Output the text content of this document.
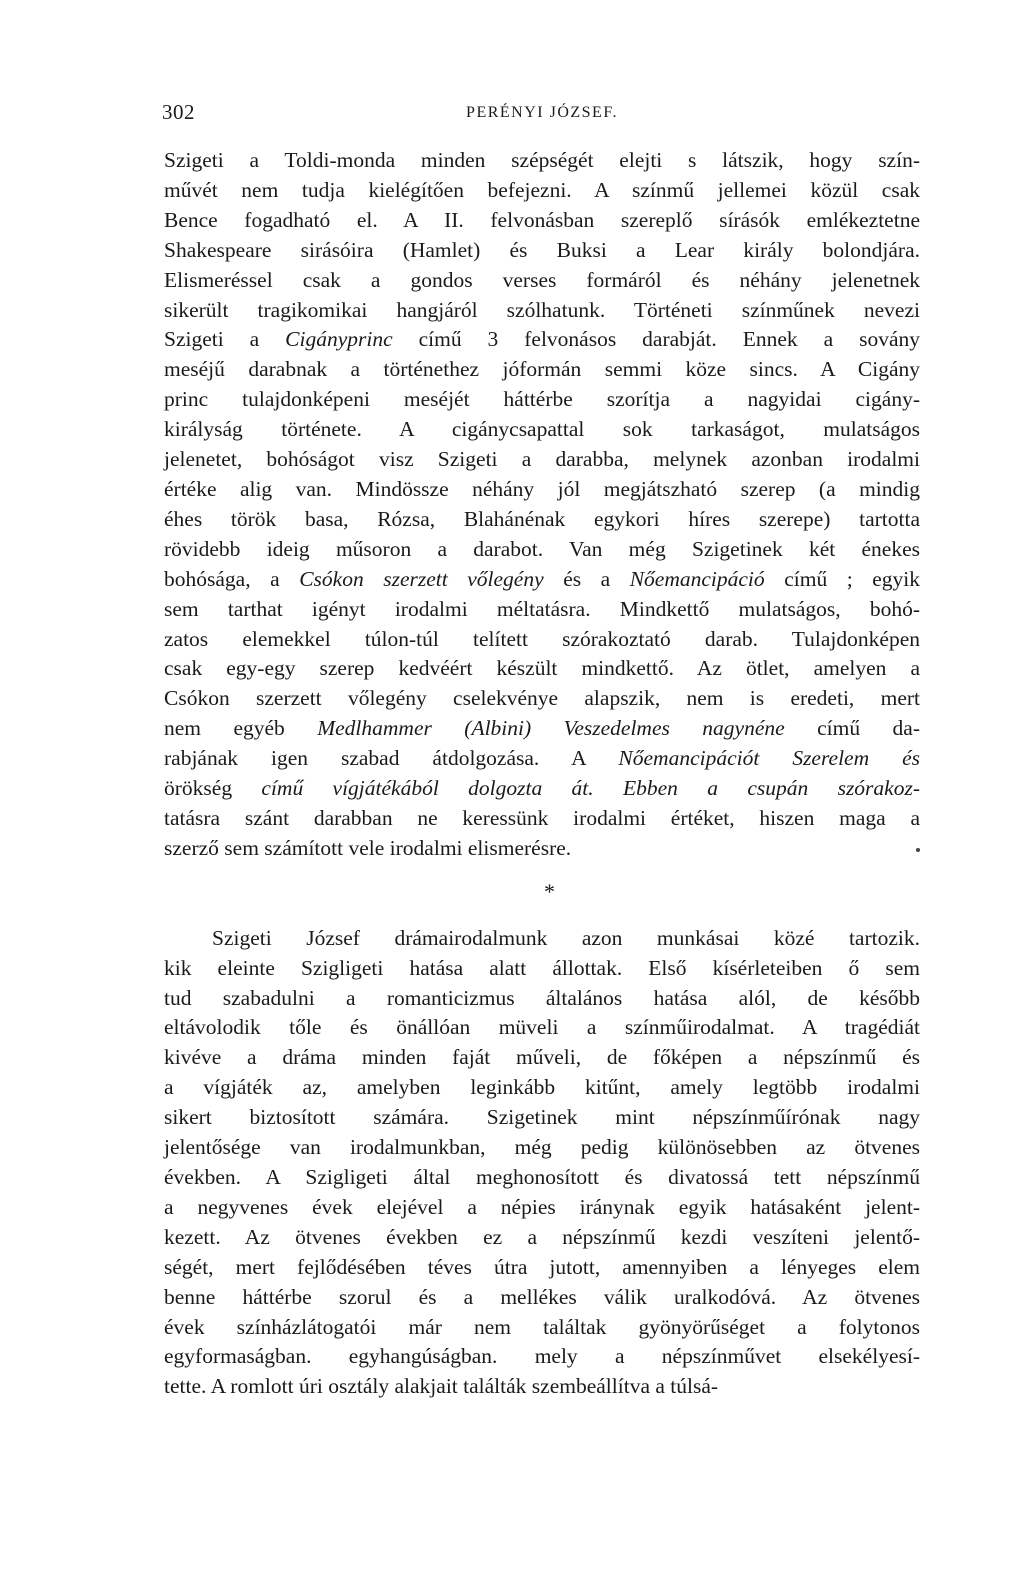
302	PERÉNYI JÓZSEF.

Szigeti a Toldi-monda minden szépségét elejti s látszik, hogy szín-
művét nem tudja kielégítően befejezni. A színmű jellemei közül csak
Bence fogadható el. A II. felvonásban szereplő sírásók emlékeztetne
Shakespeare sirásóira (Hamlet) és Buksi a Lear király bolondjára.
Elismeréssel csak a gondos verses formáról és néhány jelenetnek
sikerült tragikomikai hangjáról szólhatunk. Történeti színműnek nevezi
Szigeti a Cigányprinc című 3 felvonásos darabját. Ennek a sovány
meséjű darabnak a történethez jóformán semmi köze sincs. A Cigány
princ tulajdonképeni meséjét háttérbe szorítja a nagyidai cigány-
királyság története. A cigánycsapattal sok tarkaságot, mulatságos
jelenetet, bohóságot visz Szigeti a darabba, melynek azonban irodalmi
értéke alig van. Mindössze néhány jól megjátszható szerep (a mindig
éhes török basa, Rózsa, Blahánénak egykori híres szerepe) tartotta
rövidebb ideig műsoron a darabot. Van még Szigetinek két énekes
bohósága, a Csókon szerzett vőlegény és a Nőemancipáció című ; egyik
sem tarthat igényt irodalmi méltatásra. Mindkettő mulatságos, bohó-
zatos elemekkel túlon-túl telített szórakoztató darab. Tulajdonképen
csak egy-egy szerep kedvéért készült mindkettő. Az ötlet, amelyen a
Csókon szerzett vőlegény cselekvénye alapszik, nem is eredeti, mert
nem egyéb Medlhammer (Albini) Veszedelmes nagynéne című da-
rabjának igen szabad átdolgozása. A Nőemancipációt Szerelem és
örökség című vígjátékából dolgozta át. Ebben a csupán szórakoz-
tatásra szánt darabban ne keressünk irodalmi értéket, hiszen maga a
szerző sem számított vele irodalmi elismerésre.

*

Szigeti József drámairodalmunk azon munkásai közé tartozik.
kik eleinte Szigligeti hatása alatt állottak. Első kísérleteiben ő sem
tud szabadulni a romanticizmus általános hatása alól, de később
eltávolodik tőle és önállóan müveli a színműirodalmat. A tragédiát
kivéve a dráma minden faját műveli, de főképen a népszínmű és
a vígjáték az, amelyben leginkább kitűnt, amely legtöbb irodalmi
sikert biztosított számára. Szigetinek mint népszínműírónak nagy
jelentősége van irodalmunkban, még pedig különösebben az ötvenes
években. A Szigligeti által meghonosított és divatossá tett népszínmű
a negyvenes évek elejével a népies iránynak egyik hatásaként jelent-
kezett. Az ötvenes években ez a népszínmű kezdi veszíteni jelentő-
ségét, mert fejlődésében téves útra jutott, amennyiben a lényeges elem
benne háttérbe szorul és a mellékes válik uralkodóvá. Az ötvenes
évek színházlátogatói már nem találtak gyönyörűséget a folytonos
egyformaságban. egyhangúságban. mely a népszínművet elsekélyesí-
tette. A romlott úri osztály alakjait találták szembeállítva a túlsá-
